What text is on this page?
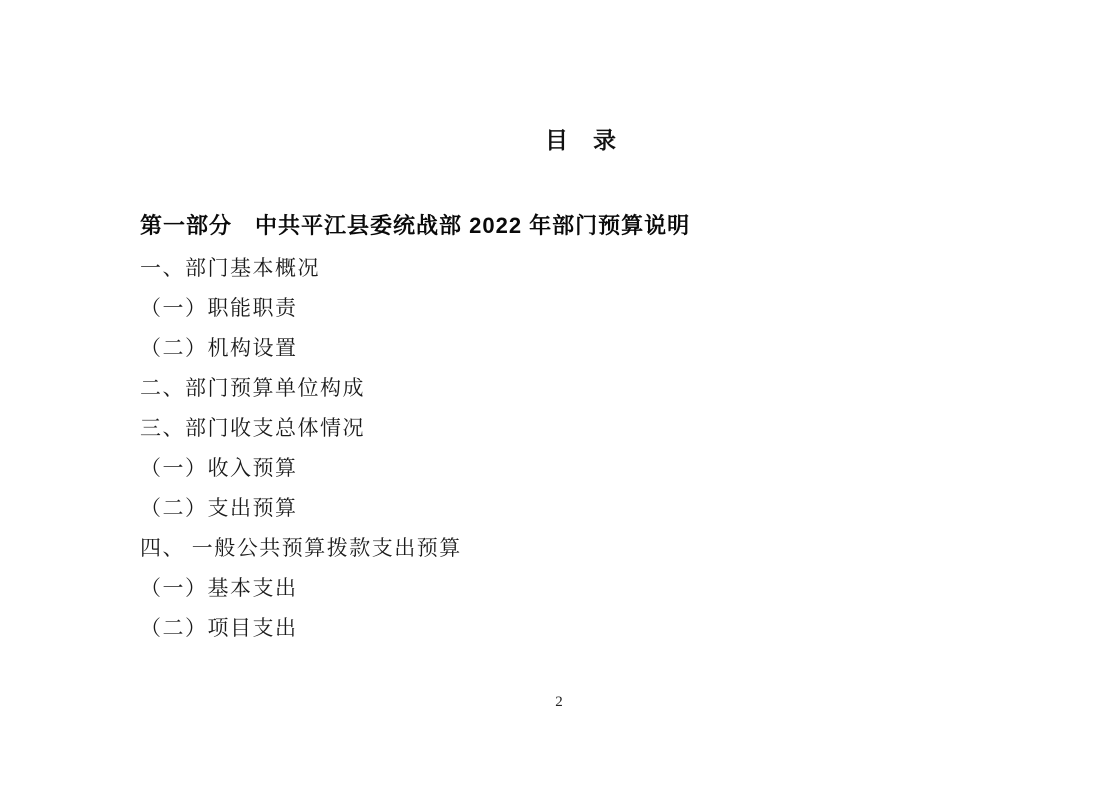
目　录
第一部分　中共平江县委统战部 2022 年部门预算说明
一、部门基本概况
（一）职能职责
（二）机构设置
二、部门预算单位构成
三、部门收支总体情况
（一）收入预算
（二）支出预算
四、 一般公共预算拨款支出预算
（一）基本支出
（二）项目支出
2
